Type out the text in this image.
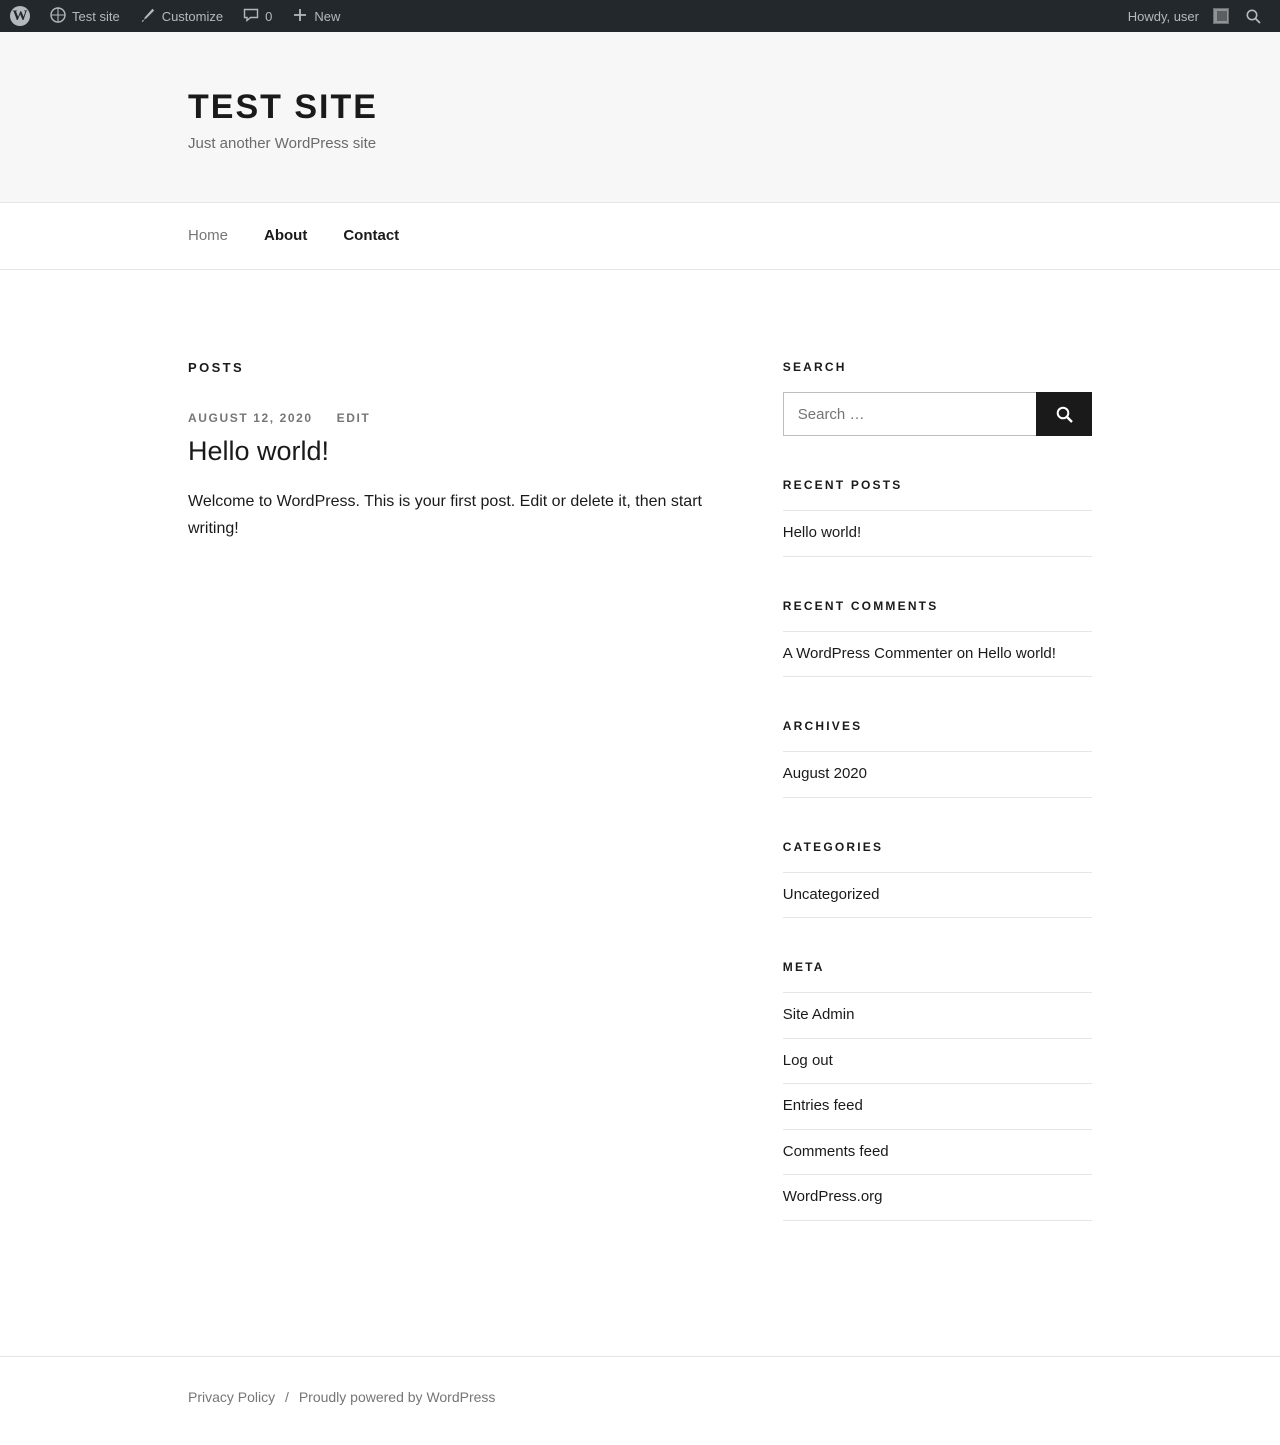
W	Test site	Customize	0	New	Howdy, user
TEST SITE

Just another WordPress site

Home About Contact
POSTS
AUGUST 12, 2020 EDIT
Hello world!

Welcome to WordPress. This is your first post. Edit or delete it, then start writing!

SEARCH
Search …
RECENT POSTS
Hello world!
RECENT COMMENTS
A WordPress Commenter on Hello world!
ARCHIVES
August 2020
CATEGORIES
Uncategorized
META
Site Admin
Log out
Entries feed
Comments feed
WordPress.org
Privacy Policy / Proudly powered by WordPress
